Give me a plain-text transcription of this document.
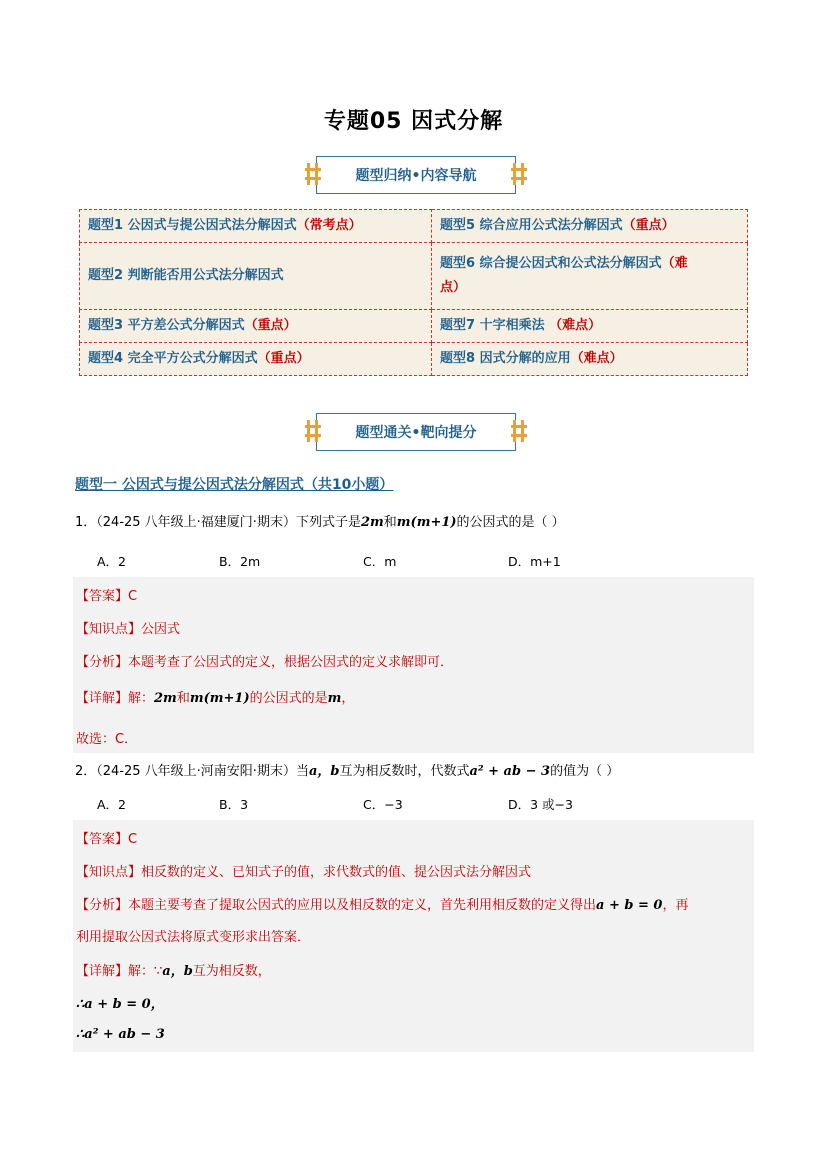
专题05 因式分解
题型归纳•内容导航
题型1 公因式与提公因式法分解因式（常考点）	题型5 综合应用公式法分解因式（重点）
题型2 判断能否用公式法分解因式	题型6 综合提公因式和公式法分解因式（难
点）
题型3 平方差公式分解因式（重点）	题型7 十字相乘法 （难点）
题型4 完全平方公式分解因式（重点）	题型8 因式分解的应用（难点）
题型通关•靶向提分
题型一 公因式与提公因式法分解因式（共10小题）
1．（24-25 八年级上·福建厦门·期末）下列式子是2m和m(m+1)的公因式的是（ ）
A．2	B．2m	C．m	D．m+1
【答案】C
【知识点】公因式
【分析】本题考查了公因式的定义，根据公因式的定义求解即可．
【详解】解：2m和m(m+1)的公因式的是m，
故选：C．
2．（24-25 八年级上·河南安阳·期末）当a，b互为相反数时，代数式a² + ab − 3的值为（ ）
A．2	B．3	C．−3	D．3 或−3
【答案】C
【知识点】相反数的定义、已知式子的值，求代数式的值、提公因式法分解因式
【分析】本题主要考查了提取公因式的应用以及相反数的定义，首先利用相反数的定义得出a + b = 0，再
利用提取公因式法将原式变形求出答案．
【详解】解：∵a，b互为相反数，
∴a + b = 0，
∴a² + ab − 3
